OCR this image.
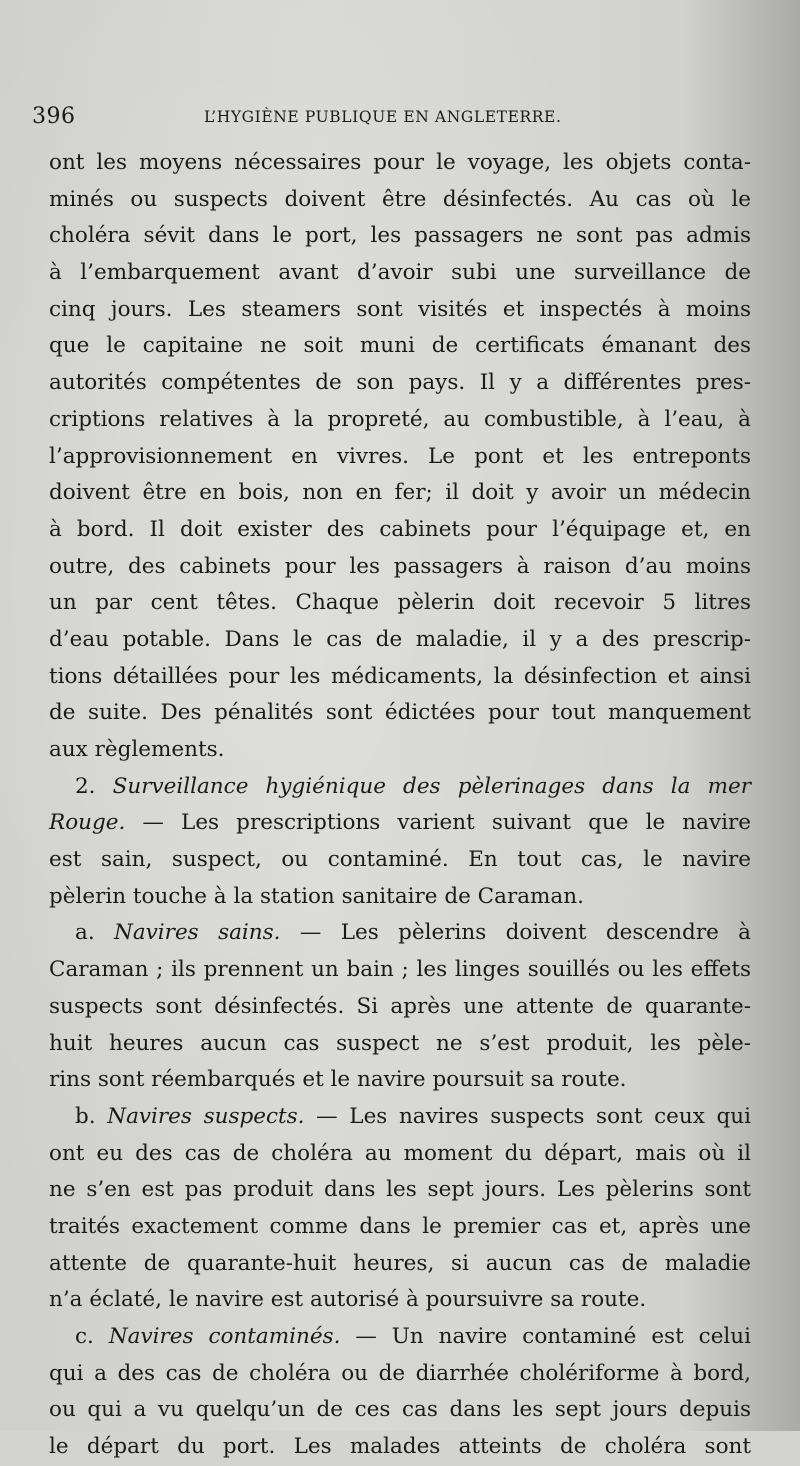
396	L’HYGIÈNE PUBLIQUE EN ANGLETERRE.
ont les moyens nécessaires pour le voyage, les objets conta-
minés ou suspects doivent être désinfectés. Au cas où le
choléra sévit dans le port, les passagers ne sont pas admis
à l’embarquement avant d’avoir subi une surveillance de
cinq jours. Les steamers sont visités et inspectés à moins
que le capitaine ne soit muni de certificats émanant des
autorités compétentes de son pays. Il y a différentes pres-
criptions relatives à la propreté, au combustible, à l’eau, à
l’approvisionnement en vivres. Le pont et les entreponts
doivent être en bois, non en fer; il doit y avoir un médecin
à bord. Il doit exister des cabinets pour l’équipage et, en
outre, des cabinets pour les passagers à raison d’au moins
un par cent têtes. Chaque pèlerin doit recevoir 5 litres
d’eau potable. Dans le cas de maladie, il y a des prescrip-
tions détaillées pour les médicaments, la désinfection et ainsi
de suite. Des pénalités sont édictées pour tout manquement
aux règlements.
2. Surveillance hygiénique des pèlerinages dans la mer
Rouge. — Les prescriptions varient suivant que le navire
est sain, suspect, ou contaminé. En tout cas, le navire
pèlerin touche à la station sanitaire de Caraman.
a. Navires sains. — Les pèlerins doivent descendre à
Caraman ; ils prennent un bain ; les linges souillés ou les effets
suspects sont désinfectés. Si après une attente de quarante-
huit heures aucun cas suspect ne s’est produit, les pèle-
rins sont réembarqués et le navire poursuit sa route.
b. Navires suspects. — Les navires suspects sont ceux qui
ont eu des cas de choléra au moment du départ, mais où il
ne s’en est pas produit dans les sept jours. Les pèlerins sont
traités exactement comme dans le premier cas et, après une
attente de quarante-huit heures, si aucun cas de maladie
n’a éclaté, le navire est autorisé à poursuivre sa route.
c. Navires contaminés. — Un navire contaminé est celui
qui a des cas de choléra ou de diarrhée cholériforme à bord,
ou qui a vu quelqu’un de ces cas dans les sept jours depuis
le départ du port. Les malades atteints de choléra sont
